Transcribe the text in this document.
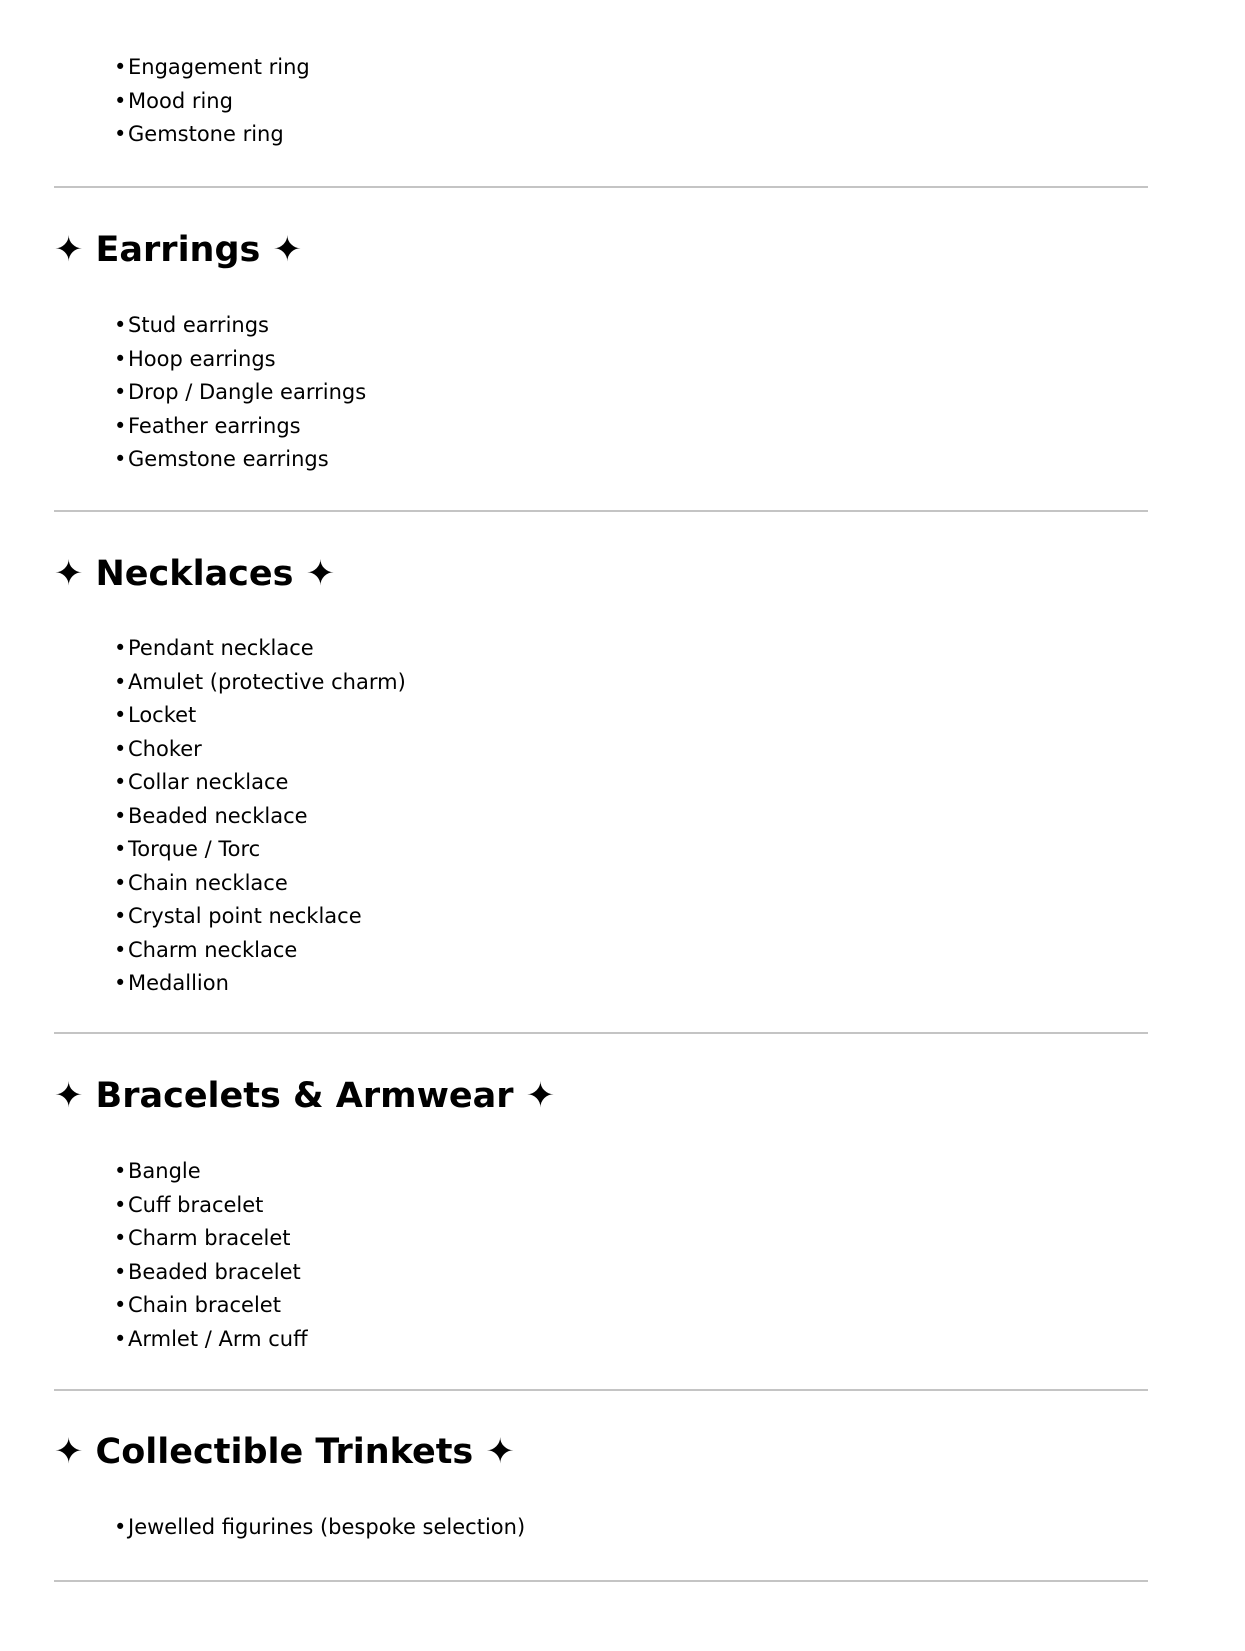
•Engagement ring
•Mood ring
•Gemstone ring
✦ Earrings ✦
•Stud earrings
•Hoop earrings
•Drop / Dangle earrings
•Feather earrings
•Gemstone earrings
✦ Necklaces ✦
•Pendant necklace
•Amulet (protective charm)
•Locket
•Choker
•Collar necklace
•Beaded necklace
•Torque / Torc
•Chain necklace
•Crystal point necklace
•Charm necklace
•Medallion
✦ Bracelets & Armwear ✦
•Bangle
•Cuff bracelet
•Charm bracelet
•Beaded bracelet
•Chain bracelet
•Armlet / Arm cuff
✦ Collectible Trinkets ✦
•Jewelled figurines (bespoke selection)
